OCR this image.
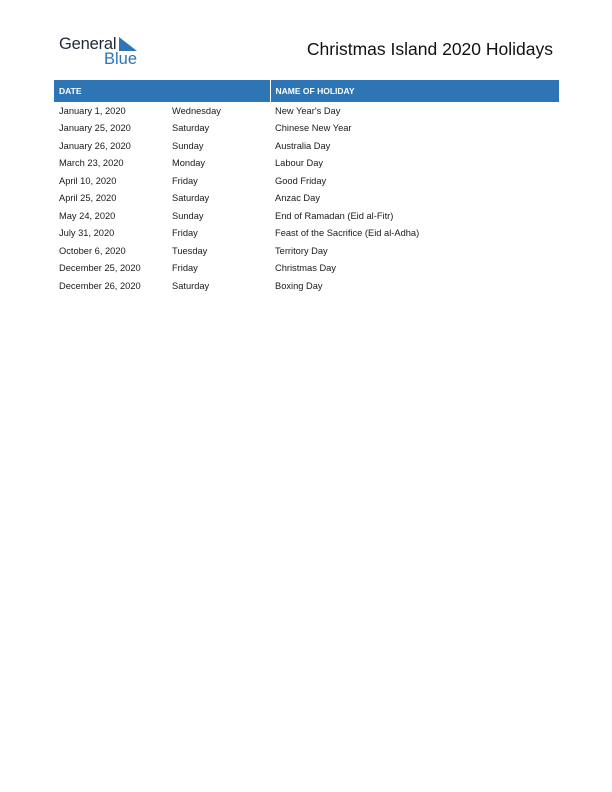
General
Blue	Christmas Island 2020 Holidays
DATE		NAME OF HOLIDAY
January 1, 2020	Wednesday	New Year's Day
January 25, 2020	Saturday	Chinese New Year
January 26, 2020	Sunday	Australia Day
March 23, 2020	Monday	Labour Day
April 10, 2020	Friday	Good Friday
April 25, 2020	Saturday	Anzac Day
May 24, 2020	Sunday	End of Ramadan (Eid al-Fitr)
July 31, 2020	Friday	Feast of the Sacrifice (Eid al-Adha)
October 6, 2020	Tuesday	Territory Day
December 25, 2020	Friday	Christmas Day
December 26, 2020	Saturday	Boxing Day
